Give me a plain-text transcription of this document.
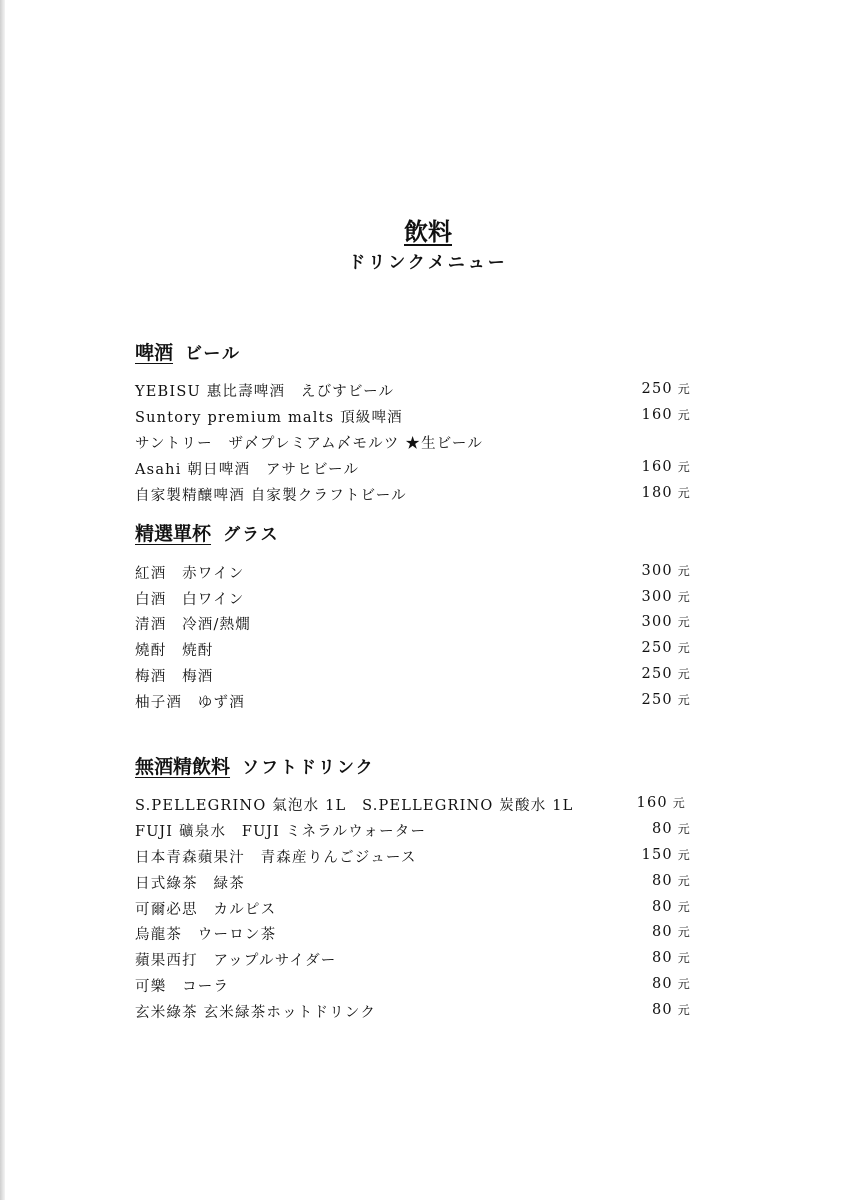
飲料
ドリンクメニュー
啤酒 ビール
YEBISU 惠比壽啤酒　えびすビール	250 元
Suntory premium malts 頂級啤酒	160 元
サントリー　ザ〆プレミアム〆モルツ ★生ビール
Asahi 朝日啤酒　アサヒビール	160 元
自家製精釀啤酒 自家製クラフトビール	180 元
精選單杯 グラス
紅酒　赤ワイン	300 元
白酒　白ワイン	300 元
清酒　冷酒/熱燗	300 元
燒酎　焼酎	250 元
梅酒　梅酒	250 元
柚子酒　ゆず酒	250 元
無酒精飲料 ソフトドリンク
S.PELLEGRINO 氣泡水 1L　S.PELLEGRINO 炭酸水 1L	160 元
FUJI 礦泉水　FUJI ミネラルウォーター	80 元
日本青森蘋果汁　青森産りんごジュース	150 元
日式綠茶　緑茶	80 元
可爾必思　カルピス	80 元
烏龍茶　ウーロン茶	80 元
蘋果西打　アップルサイダー	80 元
可樂　コーラ	80 元
玄米綠茶 玄米緑茶ホットドリンク	80 元
